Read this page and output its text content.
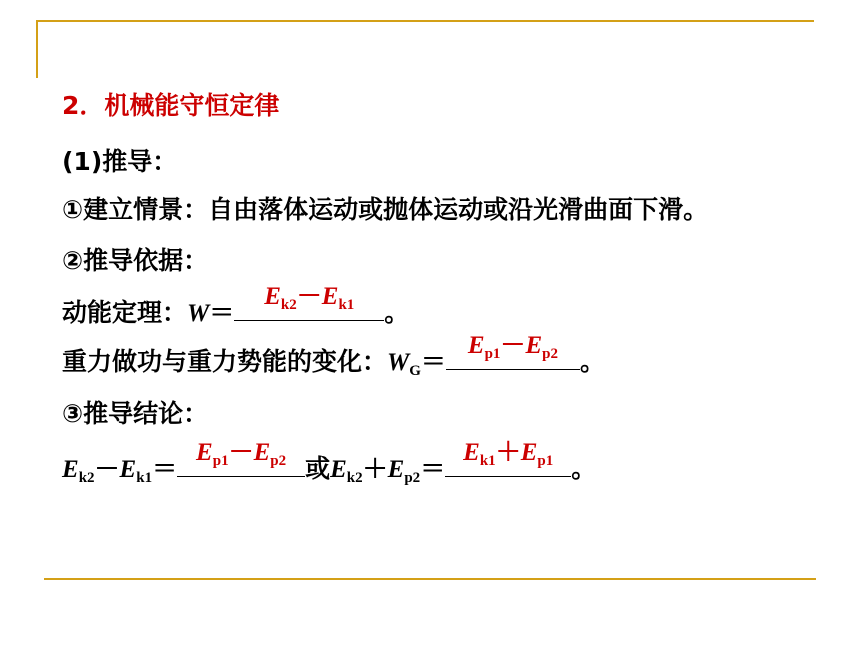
2．机械能守恒定律
(1)推导：
①建立情景：自由落体运动或抛体运动或沿光滑曲面下滑。
②推导依据：
动能定理：W＝
$E_{k2}-E_{k1}$	。
重力做功与重力势能的变化：$W_G=$
$E_{p1}-E_{p2}$ 。
③推导结论：
$E_{k2}-E_{k1}=$
$E_{p1}-E_{p2}$ 或$E_{k2}+E_{p2}=$
$E_{k1}+E_{p1}$ 。
